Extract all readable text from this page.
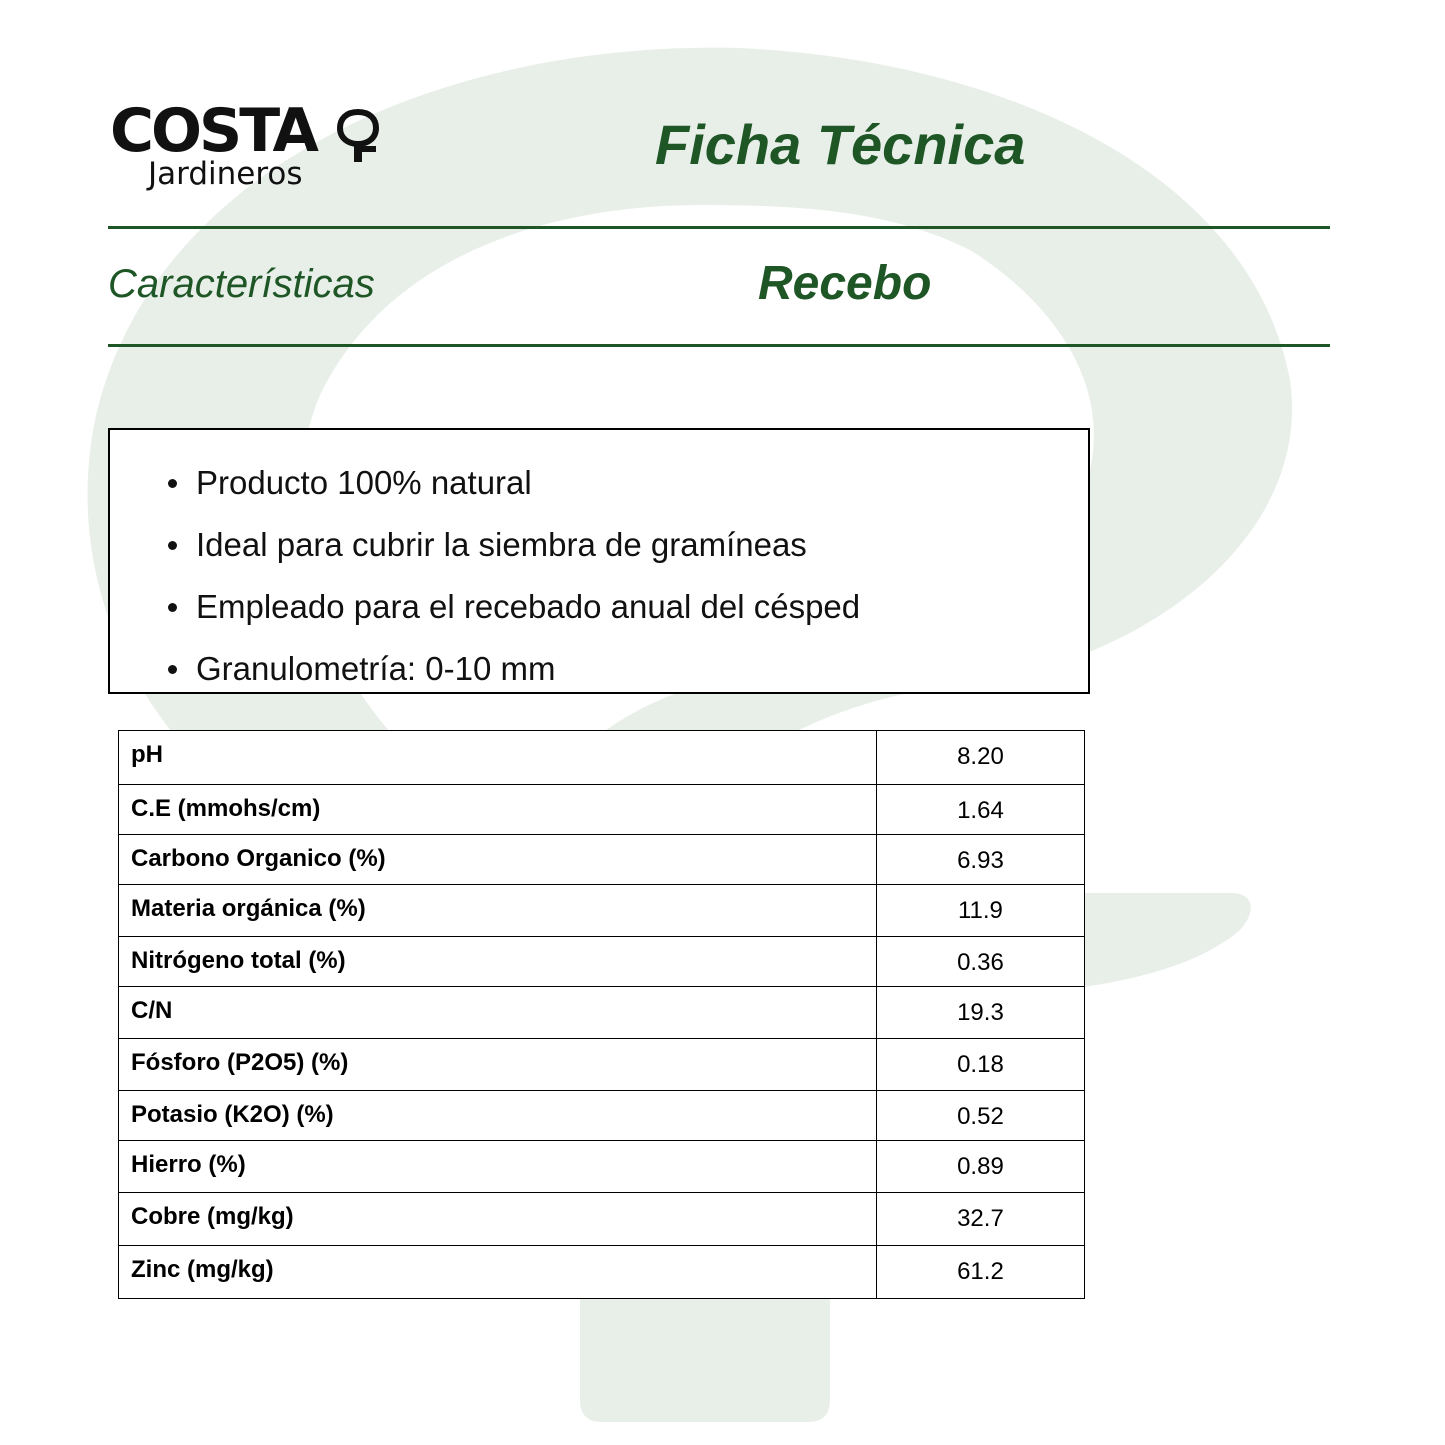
COSTA
Jardineros	Ficha Técnica
Características	Recebo
Producto 100% natural
Ideal para cubrir la siembra de gramíneas
Empleado para el recebado anual del césped
Granulometría: 0-10 mm
pH	8.20
C.E (mmohs/cm)	1.64
Carbono Organico (%)	6.93
Materia orgánica (%)	11.9
Nitrógeno total (%)	0.36
C/N	19.3
Fósforo (P2O5) (%)	0.18
Potasio (K2O) (%)	0.52
Hierro (%)	0.89
Cobre (mg/kg)	32.7
Zinc (mg/kg)	61.2
